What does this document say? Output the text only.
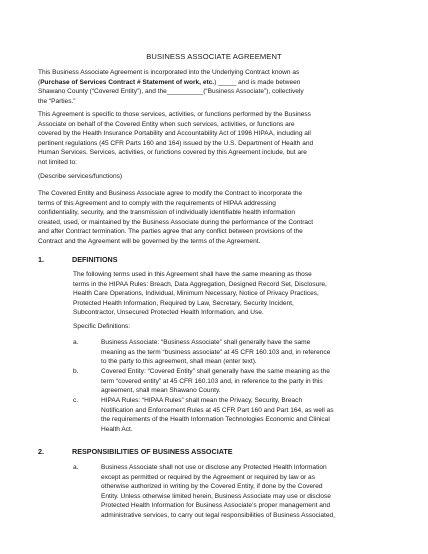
BUSINESS ASSOCIATE AGREEMENT
This Business Associate Agreement is incorporated into the Underlying Contract known as
(Purchase of Services Contract # Statement of work, etc.) _____ and is made between
Shawano County (“Covered Entity”), and the__________(“Business Associate”), collectively
the “Parties.”
This Agreement is specific to those services, activities, or functions performed by the Business
Associate on behalf of the Covered Entity when such services, activities, or functions are
covered by the Health Insurance Portability and Accountability Act of 1996 HIPAA, including all
pertinent regulations (45 CFR Parts 160 and 164) issued by the U.S. Department of Health and
Human Services. Services, activities, or functions covered by this Agreement include, but are
not limited to:
(Describe services/functions)
The Covered Entity and Business Associate agree to modify the Contract to incorporate the
terms of this Agreement and to comply with the requirements of HIPAA addressing
confidentiality, security, and the transmission of individually identifiable health information
created, used, or maintained by the Business Associate during the performance of the Contract
and after Contract termination. The parties agree that any conflict between provisions of the
Contract and the Agreement will be governed by the terms of the Agreement.
1.	DEFINITIONS
The following terms used in this Agreement shall have the same meaning as those
terms in the HIPAA Rules: Breach, Data Aggregation, Designed Record Set, Disclosure,
Health Care Operations, Individual, Minimum Necessary, Notice of Privacy Practices,
Protected Health Information, Required by Law, Secretary, Security Incident,
Subcontractor, Unsecured Protected Health Information, and Use.
Specific Definitions:
a.	Business Associate: “Business Associate” shall generally have the same
meaning as the term “business associate” at 45 CFR 160.103 and, in reference
to the party to this agreement, shall mean (enter text).
b.	Covered Entity: “Covered Entity” shall generally have the same meaning as the
term “covered entity” at 45 CFR 160.103 and, in reference to the party in this
agreement, shall mean Shawano County.
c.	HIPAA Rules: “HIPAA Rules” shall mean the Privacy, Security, Breach
Notification and Enforcement Rules at 45 CFR Part 160 and Part 164, as well as
the requirements of the Health Information Technologies Economic and Clinical
Health Act.
2.	RESPONSIBILITIES OF BUSINESS ASSOCIATE
a.	Business Associate shall not use or disclose any Protected Health Information
except as permitted or required by the Agreement or required by law or as
otherwise authorized in writing by the Covered Entity, if done by the Covered
Entity. Unless otherwise limited herein, Business Associate may use or disclose
Protected Health Information for Business Associate’s proper management and
administrative services, to carry out legal responsibilities of Business Associated,
